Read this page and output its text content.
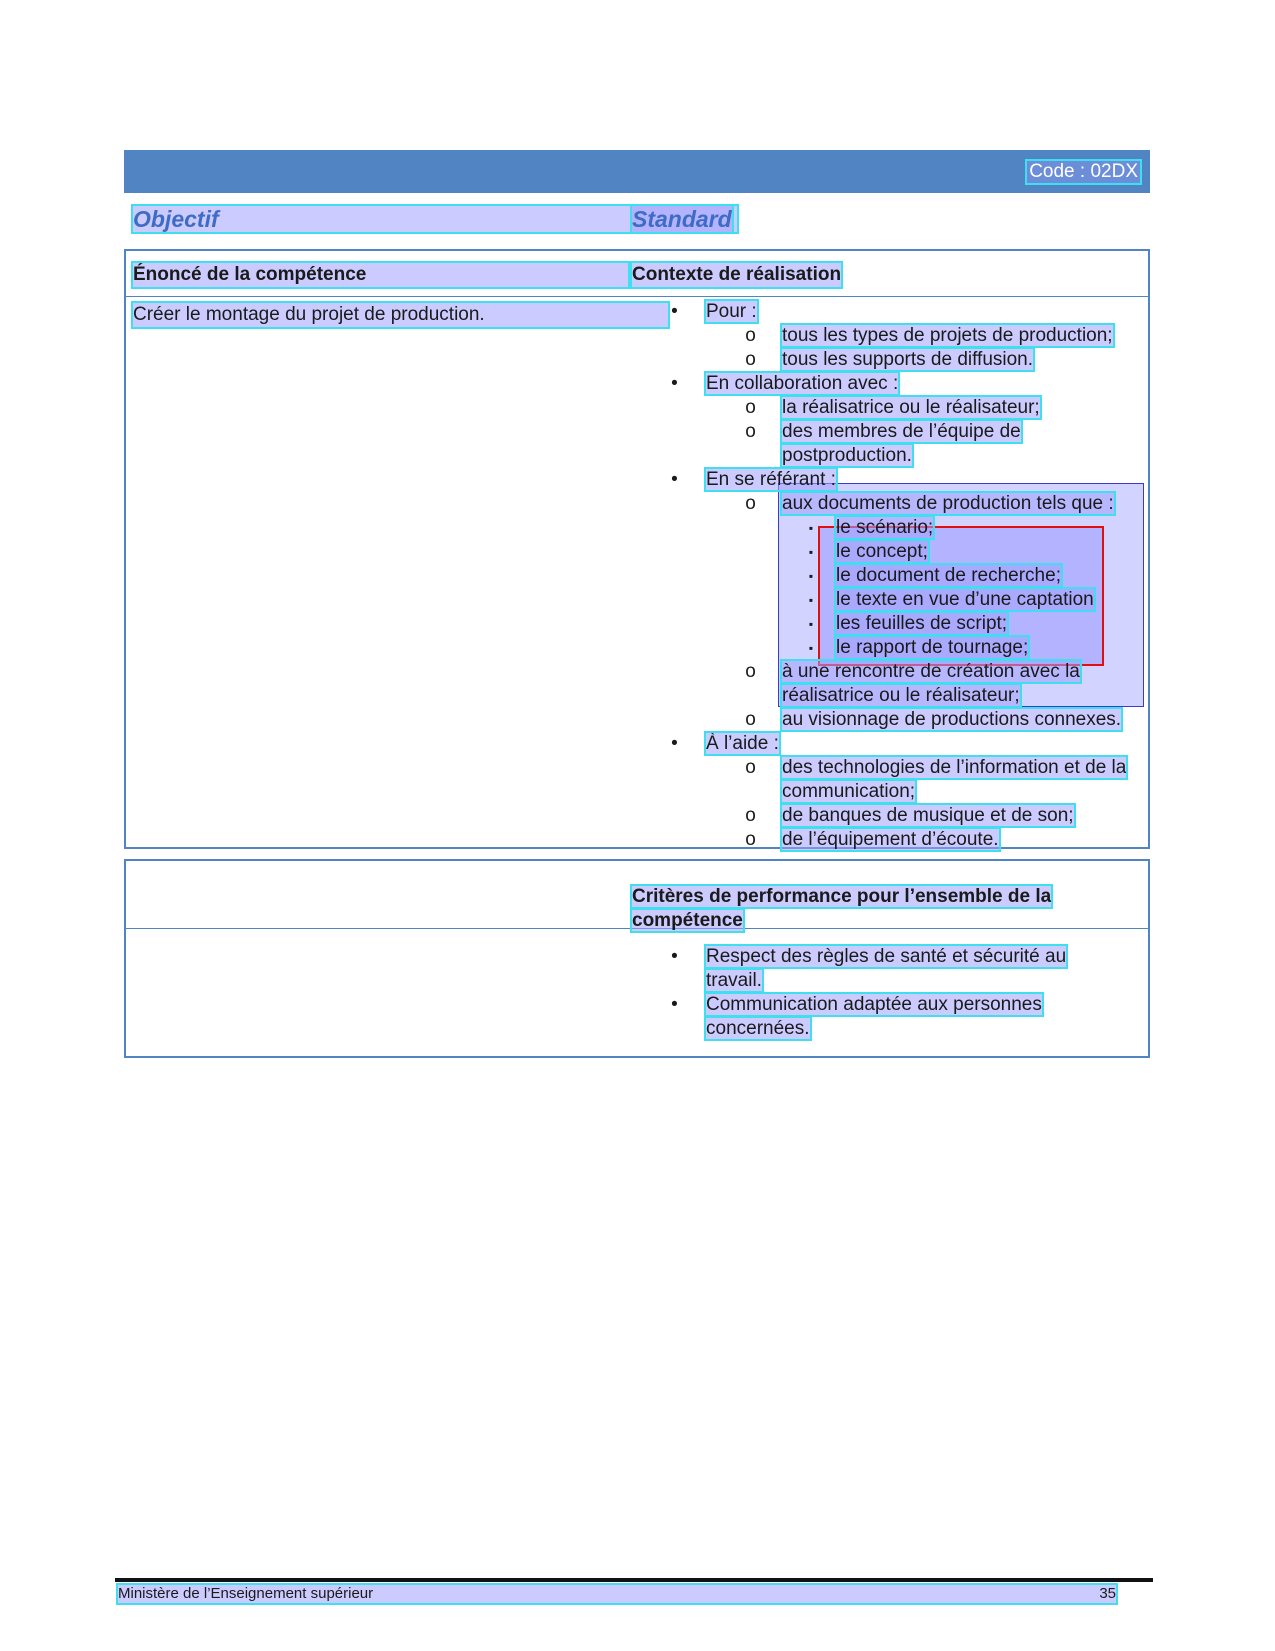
Code : 02DX
Objectif	Standard
Énoncé de la compétence	Contexte de réalisation
Créer le montage du projet de production.	• Pour :
o tous les types de projets de production;
o tous les supports de diffusion.
• En collaboration avec :
o la réalisatrice ou le réalisateur;
o des membres de l’équipe de
postproduction.
• En se référant :
o aux documents de production tels que :
▪ le scénario;
▪ le concept;
▪ le document de recherche;
▪ le texte en vue d’une captation
▪ les feuilles de script;
▪ le rapport de tournage;
o à une rencontre de création avec la
réalisatrice ou le réalisateur;
o au visionnage de productions connexes.
• À l’aide :
o des technologies de l’information et de la
communication;
o de banques de musique et de son;
o de l’équipement d’écoute.
Critères de performance pour l’ensemble de la
compétence
• Respect des règles de santé et sécurité au
travail.
• Communication adaptée aux personnes
concernées.
Ministère de l’Enseignement supérieur	35
